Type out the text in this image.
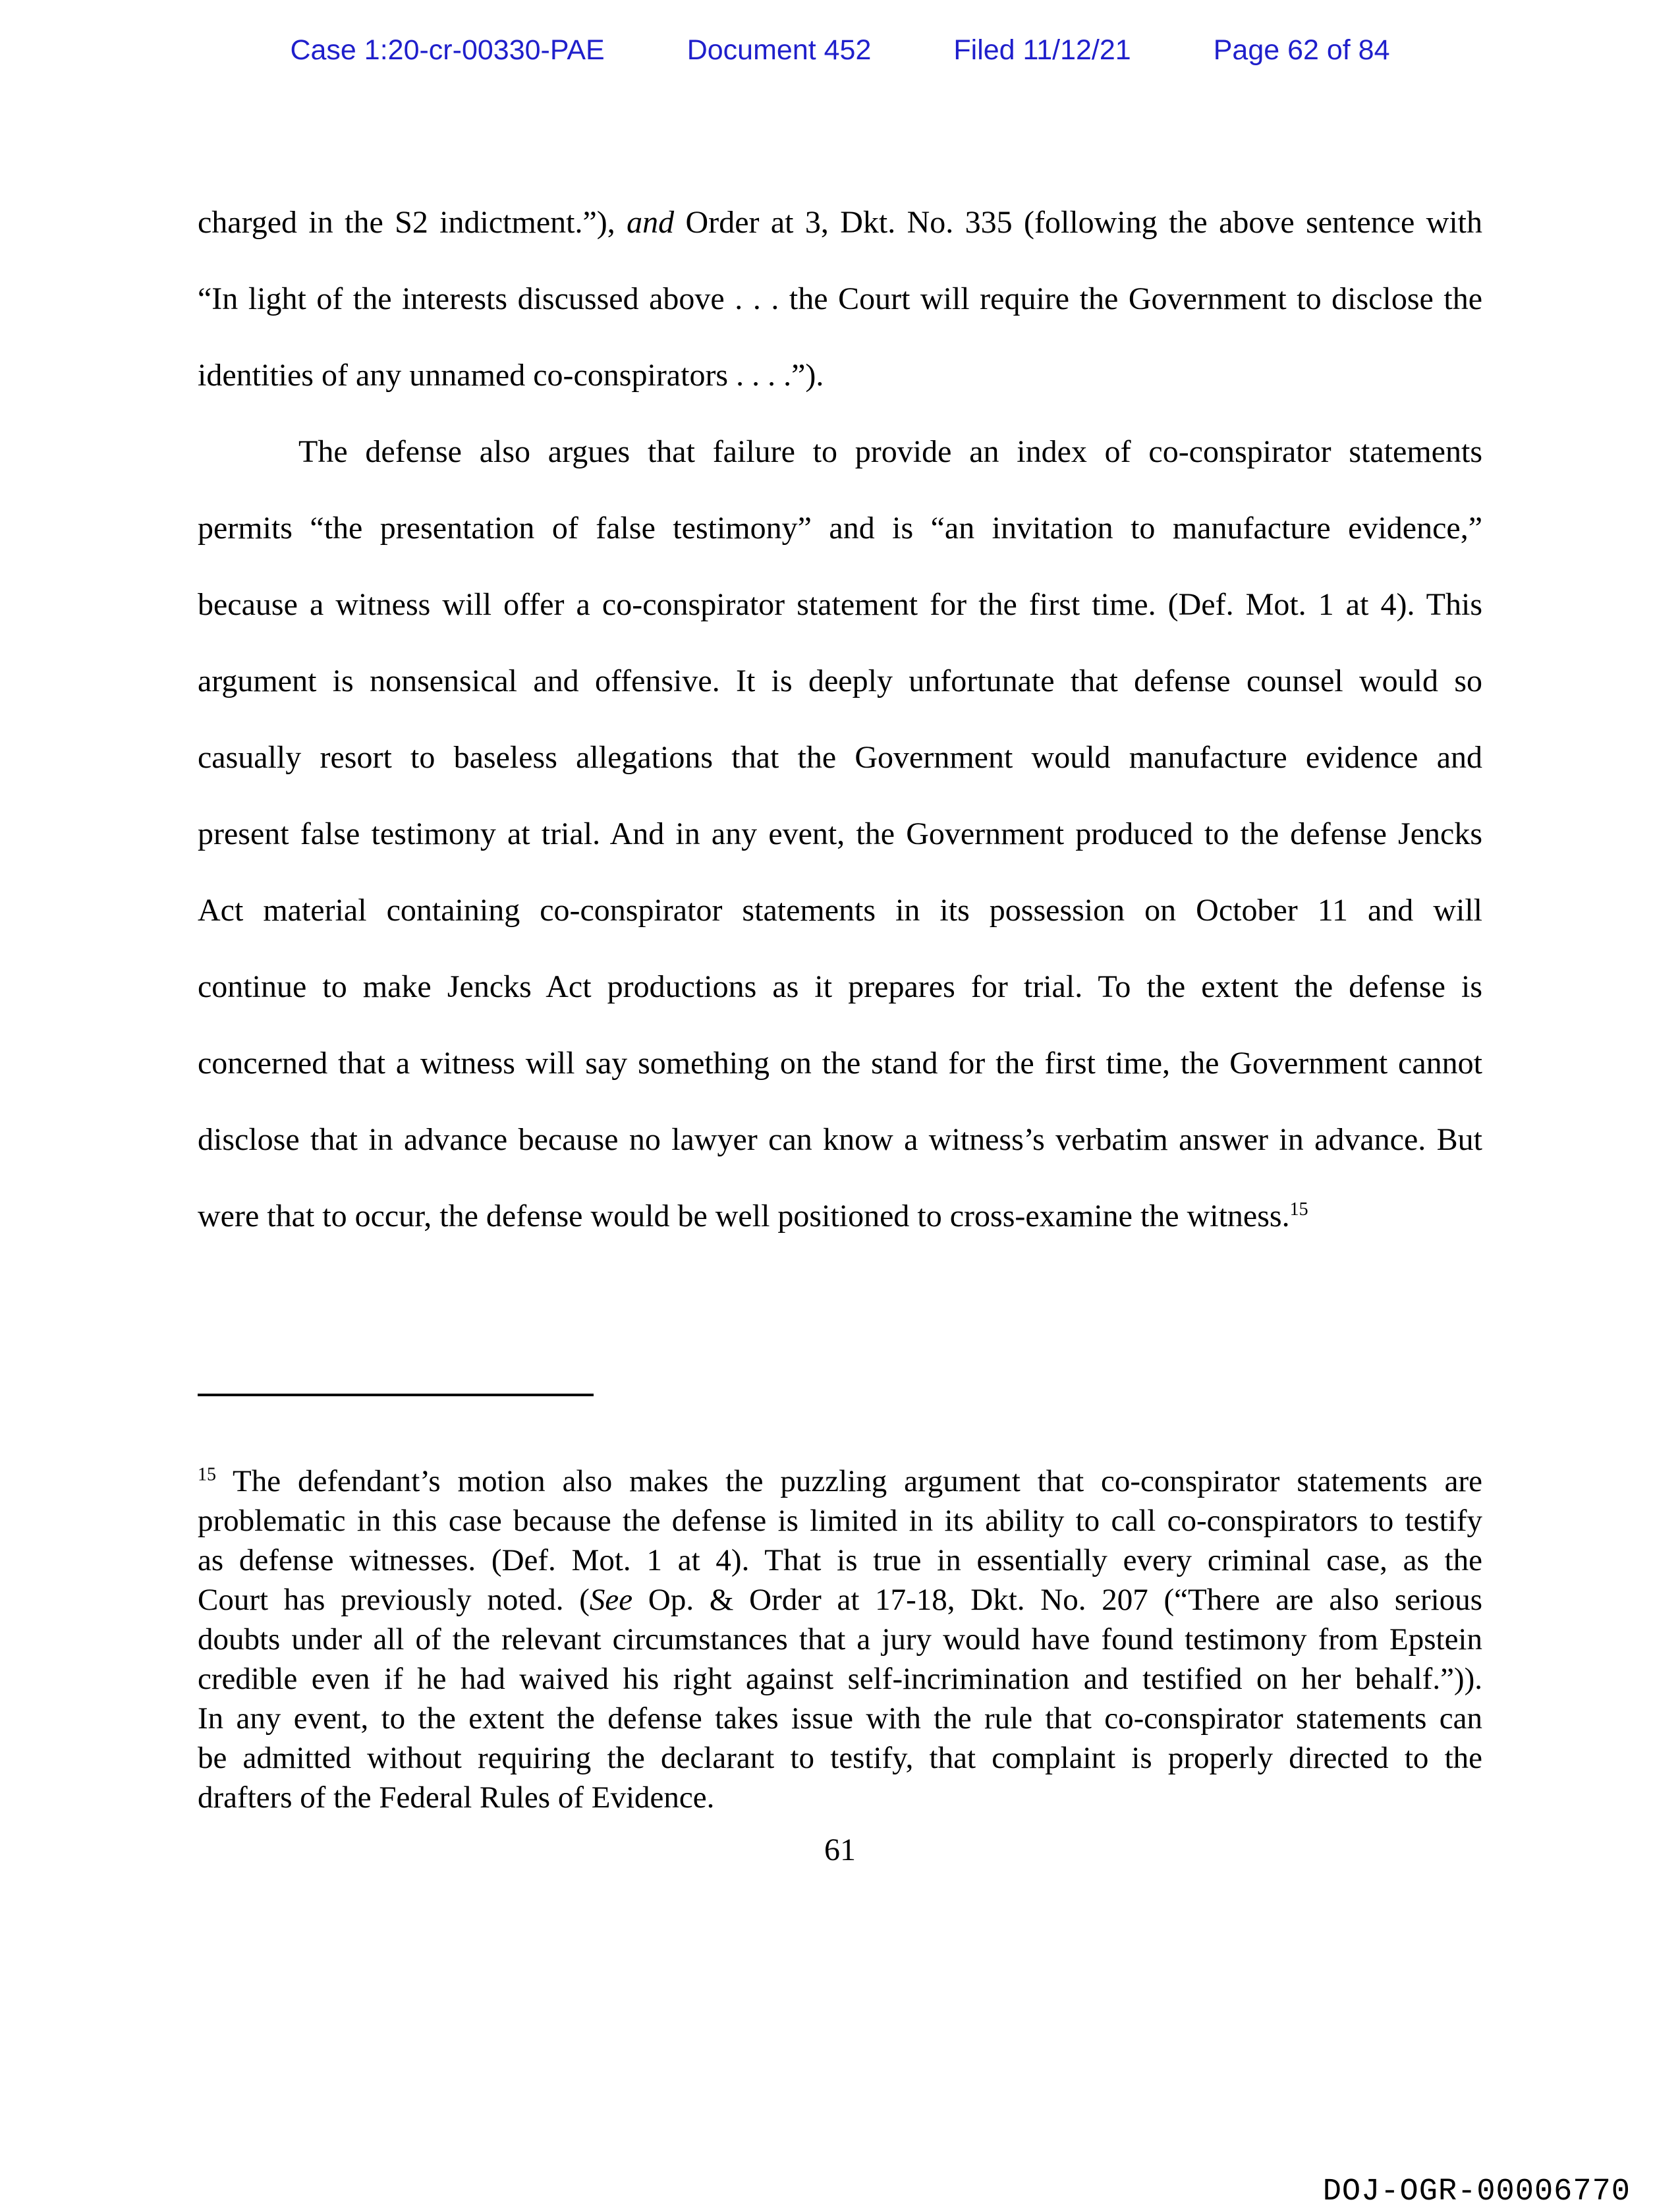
Case 1:20-cr-00330-PAE	Document 452	Filed 11/12/21	Page 62 of 84
charged in the S2 indictment.”), and Order at 3, Dkt. No. 335 (following the above sentence with
“In light of the interests discussed above . . . the Court will require the Government to disclose the
identities of any unnamed co-conspirators . . . .”).
The defense also argues that failure to provide an index of co-conspirator statements
permits “the presentation of false testimony” and is “an invitation to manufacture evidence,”
because a witness will offer a co-conspirator statement for the first time. (Def. Mot. 1 at 4). This
argument is nonsensical and offensive. It is deeply unfortunate that defense counsel would so
casually resort to baseless allegations that the Government would manufacture evidence and
present false testimony at trial. And in any event, the Government produced to the defense Jencks
Act material containing co-conspirator statements in its possession on October 11 and will
continue to make Jencks Act productions as it prepares for trial. To the extent the defense is
concerned that a witness will say something on the stand for the first time, the Government cannot
disclose that in advance because no lawyer can know a witness’s verbatim answer in advance. But
were that to occur, the defense would be well positioned to cross-examine the witness.$^{15}$
$^{15}$ The defendant’s motion also makes the puzzling argument that co-conspirator statements are
problematic in this case because the defense is limited in its ability to call co-conspirators to testify
as defense witnesses. (Def. Mot. 1 at 4). That is true in essentially every criminal case, as the
Court has previously noted. (See Op. & Order at 17-18, Dkt. No. 207 (“There are also serious
doubts under all of the relevant circumstances that a jury would have found testimony from Epstein
credible even if he had waived his right against self-incrimination and testified on her behalf.”)).
In any event, to the extent the defense takes issue with the rule that co-conspirator statements can
be admitted without requiring the declarant to testify, that complaint is properly directed to the
drafters of the Federal Rules of Evidence.
61
DOJ-OGR-00006770
